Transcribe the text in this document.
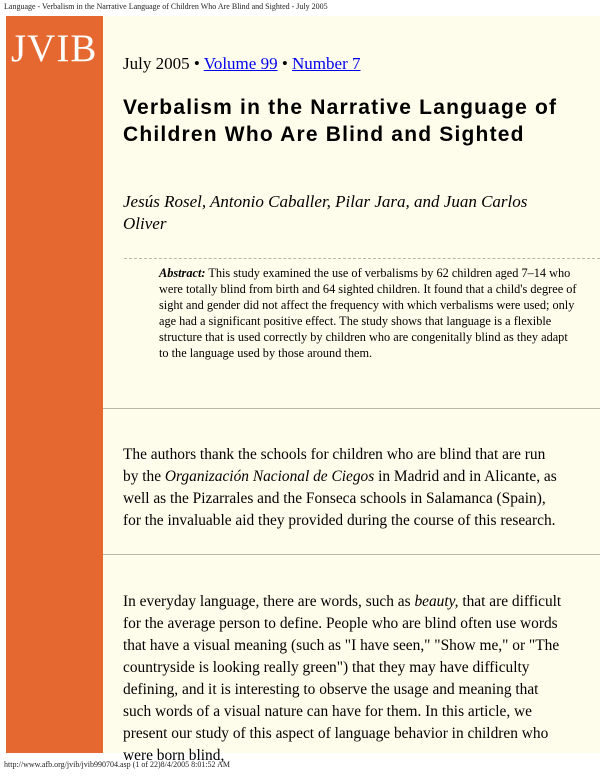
Language - Verbalism in the Narrative Language of Children Who Are Blind and Sighted - July 2005
JVIB July 2005 • Volume 99 • Number 7
Verbalism in the Narrative Language of Children Who Are Blind and Sighted
Jesús Rosel, Antonio Caballer, Pilar Jara, and Juan Carlos Oliver
Abstract: This study examined the use of verbalisms by 62 children aged 7–14 who were totally blind from birth and 64 sighted children. It found that a child's degree of sight and gender did not affect the frequency with which verbalisms were used; only age had a significant positive effect. The study shows that language is a flexible structure that is used correctly by children who are congenitally blind as they adapt to the language used by those around them.

The authors thank the schools for children who are blind that are run by the Organización Nacional de Ciegos in Madrid and in Alicante, as well as the Pizarrales and the Fonseca schools in Salamanca (Spain), for the invaluable aid they provided during the course of this research.

In everyday language, there are words, such as beauty, that are difficult for the average person to define. People who are blind often use words that have a visual meaning (such as "I have seen," "Show me," or "The countryside is looking really green") that they may have difficulty defining, and it is interesting to observe the usage and meaning that such words of a visual nature can have for them. In this article, we present our study of this aspect of language behavior in children who were born blind,

http://www.afb.org/jvib/jvib990704.asp (1 of 22)8/4/2005 8:01:52 AM
